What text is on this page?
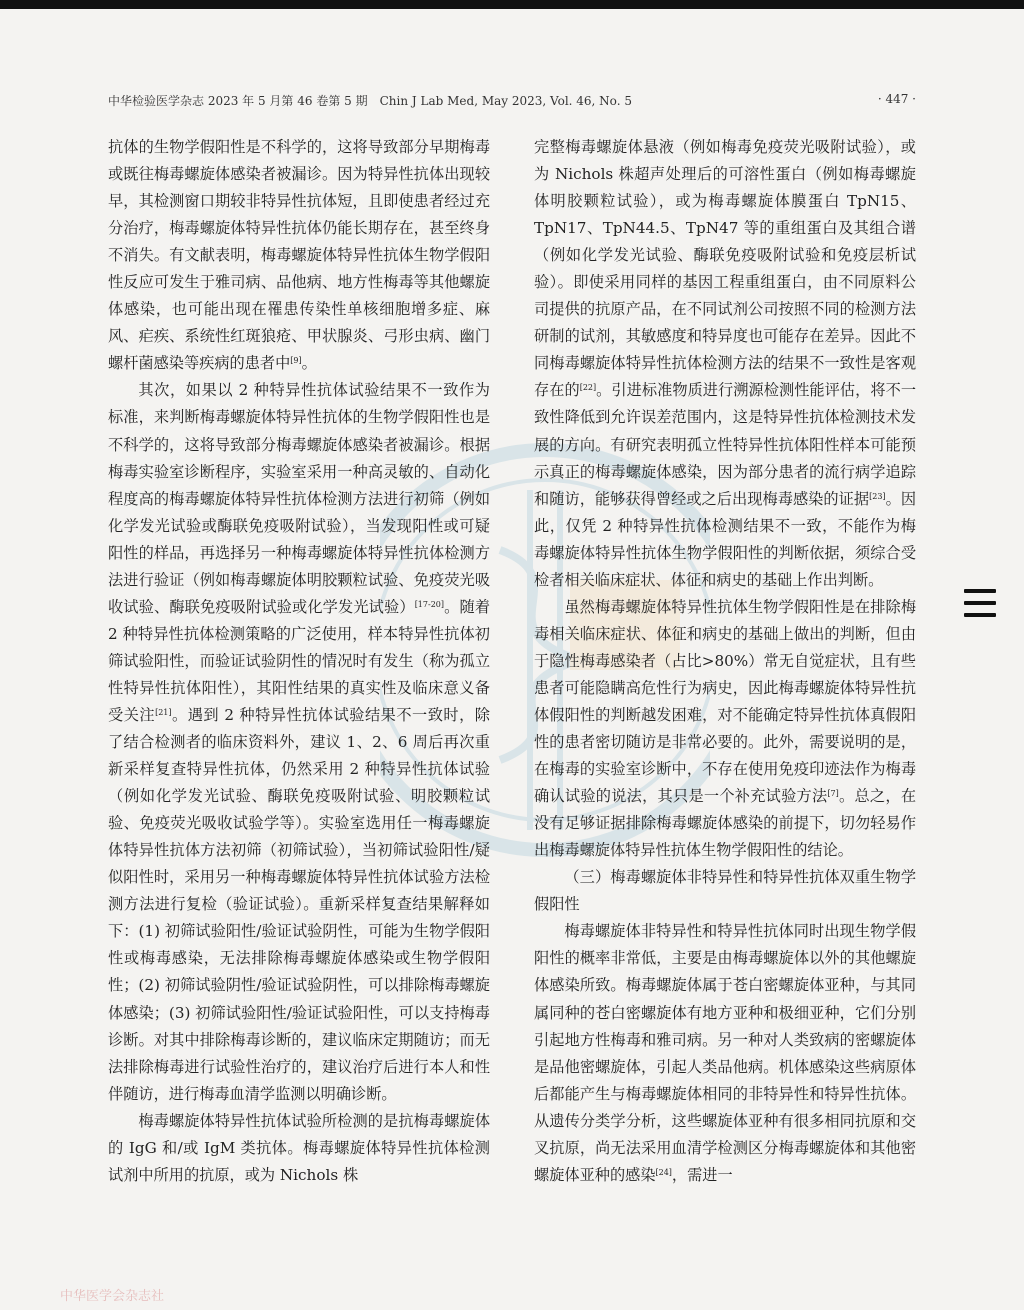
中华检验医学杂志 2023 年 5 月第 46 卷第 5 期　Chin J Lab Med, May 2023, Vol. 46, No. 5	· 447 ·

抗体的生物学假阳性是不科学的，这将导致部分早期梅毒或既往梅毒螺旋体感染者被漏诊。因为特异性抗体出现较早，其检测窗口期较非特异性抗体短，且即使患者经过充分治疗，梅毒螺旋体特异性抗体仍能长期存在，甚至终身不消失。有文献表明，梅毒螺旋体特异性抗体生物学假阳性反应可发生于雅司病、品他病、地方性梅毒等其他螺旋体感染，也可能出现在罹患传染性单核细胞增多症、麻风、疟疾、系统性红斑狼疮、甲状腺炎、弓形虫病、幽门螺杆菌感染等疾病的患者中[9]。

其次，如果以 2 种特异性抗体试验结果不一致作为标准，来判断梅毒螺旋体特异性抗体的生物学假阳性也是不科学的，这将导致部分梅毒螺旋体感染者被漏诊。根据梅毒实验室诊断程序，实验室采用一种高灵敏的、自动化程度高的梅毒螺旋体特异性抗体检测方法进行初筛（例如化学发光试验或酶联免疫吸附试验），当发现阳性或可疑阳性的样品，再选择另一种梅毒螺旋体特异性抗体检测方法进行验证（例如梅毒螺旋体明胶颗粒试验、免疫荧光吸收试验、酶联免疫吸附试验或化学发光试验）[17-20]。随着 2 种特异性抗体检测策略的广泛使用，样本特异性抗体初筛试验阳性，而验证试验阴性的情况时有发生（称为孤立性特异性抗体阳性），其阳性结果的真实性及临床意义备受关注[21]。遇到 2 种特异性抗体试验结果不一致时，除了结合检测者的临床资料外，建议 1、2、6 周后再次重新采样复查特异性抗体，仍然采用 2 种特异性抗体试验（例如化学发光试验、酶联免疫吸附试验、明胶颗粒试验、免疫荧光吸收试验学等）。实验室选用任一梅毒螺旋体特异性抗体方法初筛（初筛试验），当初筛试验阳性/疑似阳性时，采用另一种梅毒螺旋体特异性抗体试验方法检测方法进行复检（验证试验）。重新采样复查结果解释如下：(1) 初筛试验阳性/验证试验阴性，可能为生物学假阳性或梅毒感染，无法排除梅毒螺旋体感染或生物学假阳性；(2) 初筛试验阴性/验证试验阴性，可以排除梅毒螺旋体感染；(3) 初筛试验阳性/验证试验阳性，可以支持梅毒诊断。对其中排除梅毒诊断的，建议临床定期随访；而无法排除梅毒进行试验性治疗的，建议治疗后进行本人和性伴随访，进行梅毒血清学监测以明确诊断。

梅毒螺旋体特异性抗体试验所检测的是抗梅毒螺旋体的 IgG 和/或 IgM 类抗体。梅毒螺旋体特异性抗体检测试剂中所用的抗原，或为 Nichols 株

完整梅毒螺旋体悬液（例如梅毒免疫荧光吸附试验），或为 Nichols 株超声处理后的可溶性蛋白（例如梅毒螺旋体明胶颗粒试验），或为梅毒螺旋体膜蛋白 TpN15、TpN17、TpN44.5、TpN47 等的重组蛋白及其组合谱（例如化学发光试验、酶联免疫吸附试验和免疫层析试验）。即使采用同样的基因工程重组蛋白，由不同原料公司提供的抗原产品，在不同试剂公司按照不同的检测方法研制的试剂，其敏感度和特异度也可能存在差异。因此不同梅毒螺旋体特异性抗体检测方法的结果不一致性是客观存在的[22]。引进标准物质进行溯源检测性能评估，将不一致性降低到允许误差范围内，这是特异性抗体检测技术发展的方向。有研究表明孤立性特异性抗体阳性样本可能预示真正的梅毒螺旋体感染，因为部分患者的流行病学追踪和随访，能够获得曾经或之后出现梅毒感染的证据[23]。因此，仅凭 2 种特异性抗体检测结果不一致，不能作为梅毒螺旋体特异性抗体生物学假阳性的判断依据，须综合受检者相关临床症状、体征和病史的基础上作出判断。

虽然梅毒螺旋体特异性抗体生物学假阳性是在排除梅毒相关临床症状、体征和病史的基础上做出的判断，但由于隐性梅毒感染者（占比>80%）常无自觉症状，且有些患者可能隐瞒高危性行为病史，因此梅毒螺旋体特异性抗体假阳性的判断越发困难，对不能确定特异性抗体真假阳性的患者密切随访是非常必要的。此外，需要说明的是，在梅毒的实验室诊断中，不存在使用免疫印迹法作为梅毒确认试验的说法，其只是一个补充试验方法[7]。总之，在没有足够证据排除梅毒螺旋体感染的前提下，切勿轻易作出梅毒螺旋体特异性抗体生物学假阳性的结论。

（三）梅毒螺旋体非特异性和特异性抗体双重生物学假阳性

梅毒螺旋体非特异性和特异性抗体同时出现生物学假阳性的概率非常低，主要是由梅毒螺旋体以外的其他螺旋体感染所致。梅毒螺旋体属于苍白密螺旋体亚种，与其同属同种的苍白密螺旋体有地方亚种和极细亚种，它们分别引起地方性梅毒和雅司病。另一种对人类致病的密螺旋体是品他密螺旋体，引起人类品他病。机体感染这些病原体后都能产生与梅毒螺旋体相同的非特异性和特异性抗体。从遗传分类学分析，这些螺旋体亚种有很多相同抗原和交叉抗原，尚无法采用血清学检测区分梅毒螺旋体和其他密螺旋体亚种的感染[24]，需进一

中华医学会杂志社
